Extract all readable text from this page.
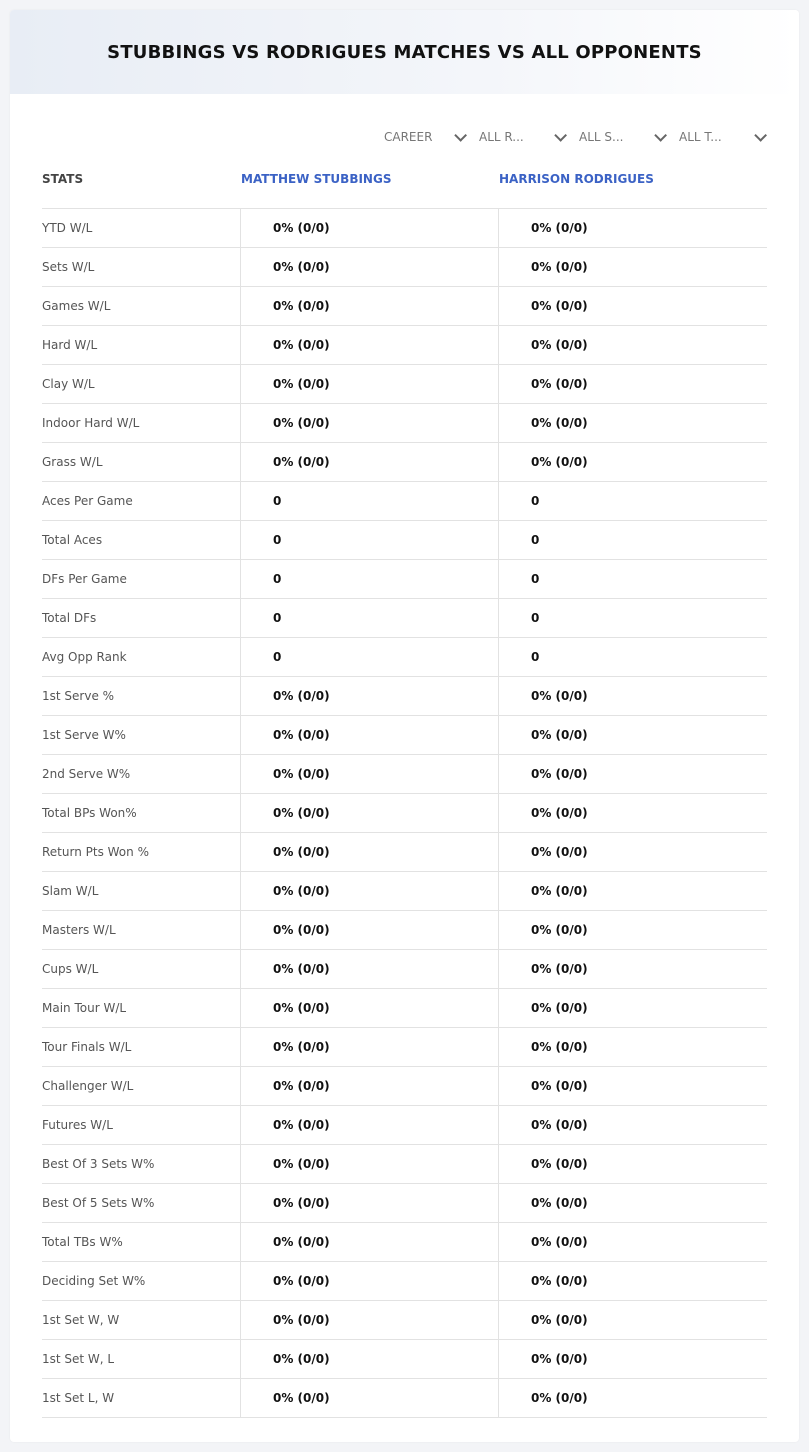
STUBBINGS VS RODRIGUES MATCHES VS ALL OPPONENTS
CAREER	ALL R...	ALL S...	ALL T...
STATS	MATTHEW STUBBINGS	HARRISON RODRIGUES
YTD W/L	0% (0/0)	0% (0/0)
Sets W/L	0% (0/0)	0% (0/0)
Games W/L	0% (0/0)	0% (0/0)
Hard W/L	0% (0/0)	0% (0/0)
Clay W/L	0% (0/0)	0% (0/0)
Indoor Hard W/L	0% (0/0)	0% (0/0)
Grass W/L	0% (0/0)	0% (0/0)
Aces Per Game	0	0
Total Aces	0	0
DFs Per Game	0	0
Total DFs	0	0
Avg Opp Rank	0	0
1st Serve %	0% (0/0)	0% (0/0)
1st Serve W%	0% (0/0)	0% (0/0)
2nd Serve W%	0% (0/0)	0% (0/0)
Total BPs Won%	0% (0/0)	0% (0/0)
Return Pts Won %	0% (0/0)	0% (0/0)
Slam W/L	0% (0/0)	0% (0/0)
Masters W/L	0% (0/0)	0% (0/0)
Cups W/L	0% (0/0)	0% (0/0)
Main Tour W/L	0% (0/0)	0% (0/0)
Tour Finals W/L	0% (0/0)	0% (0/0)
Challenger W/L	0% (0/0)	0% (0/0)
Futures W/L	0% (0/0)	0% (0/0)
Best Of 3 Sets W%	0% (0/0)	0% (0/0)
Best Of 5 Sets W%	0% (0/0)	0% (0/0)
Total TBs W%	0% (0/0)	0% (0/0)
Deciding Set W%	0% (0/0)	0% (0/0)
1st Set W, W	0% (0/0)	0% (0/0)
1st Set W, L	0% (0/0)	0% (0/0)
1st Set L, W	0% (0/0)	0% (0/0)
